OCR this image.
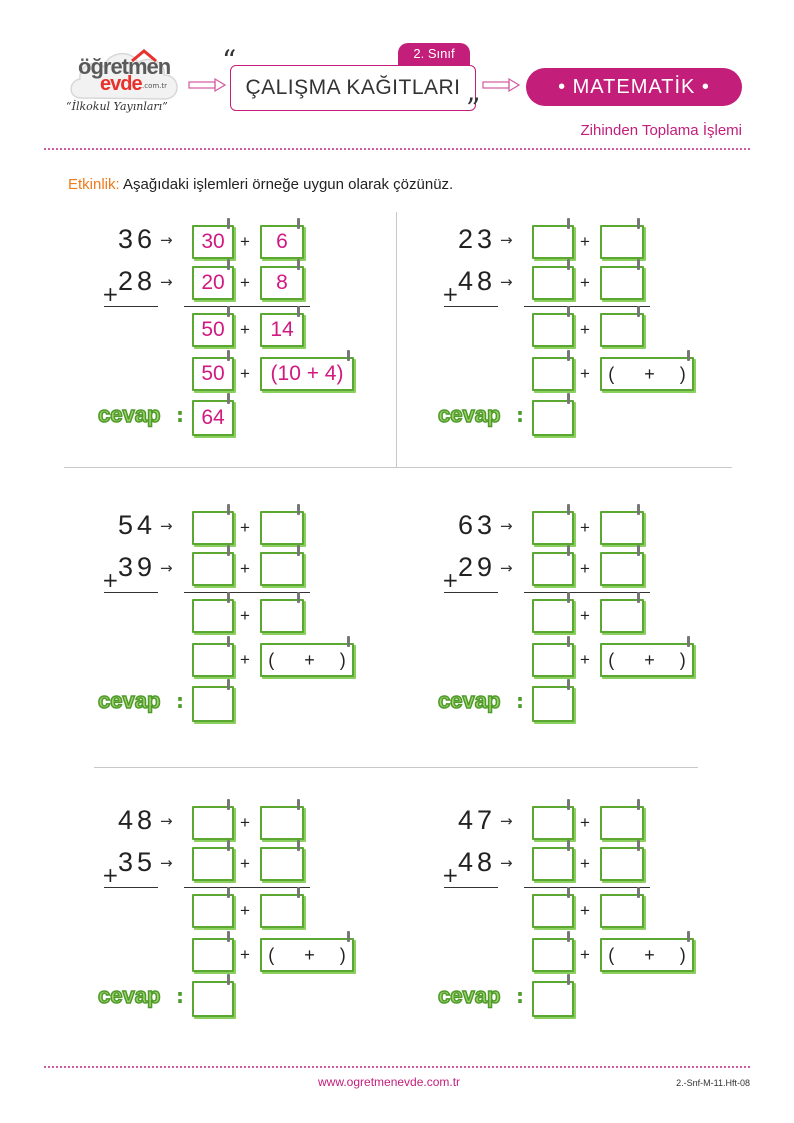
öğretmen
evde .com.tr
“İlkokul Yayınları”
2. Sınıf
“
ÇALIŞMA KAĞITLARI
”
• MATEMATİK •
Zihinden Toplama İşlemi
Etkinlik: Aşağıdaki işlemleri örneğe uygun olarak çözünüz.
36 →
+ 28 →
30 +	6
20 +	8
50 + 14
50 + (10 + 4)
cevap : 64
23 →
+ 48 →
+
+
+
+	(      +     )
cevap :
54 →
+ 39 →
+
+
+
+	(      +     )
cevap :
63 →
+ 29 →
+
+
+
+	(      +     )
cevap :
48 →
+ 35 →
+
+
+
+	(      +     )
cevap :
47 →
+ 48 →
+
+
+
+	(      +     )
cevap :
www.ogretmenevde.com.tr	2.-Snf-M-11.Hft-08
